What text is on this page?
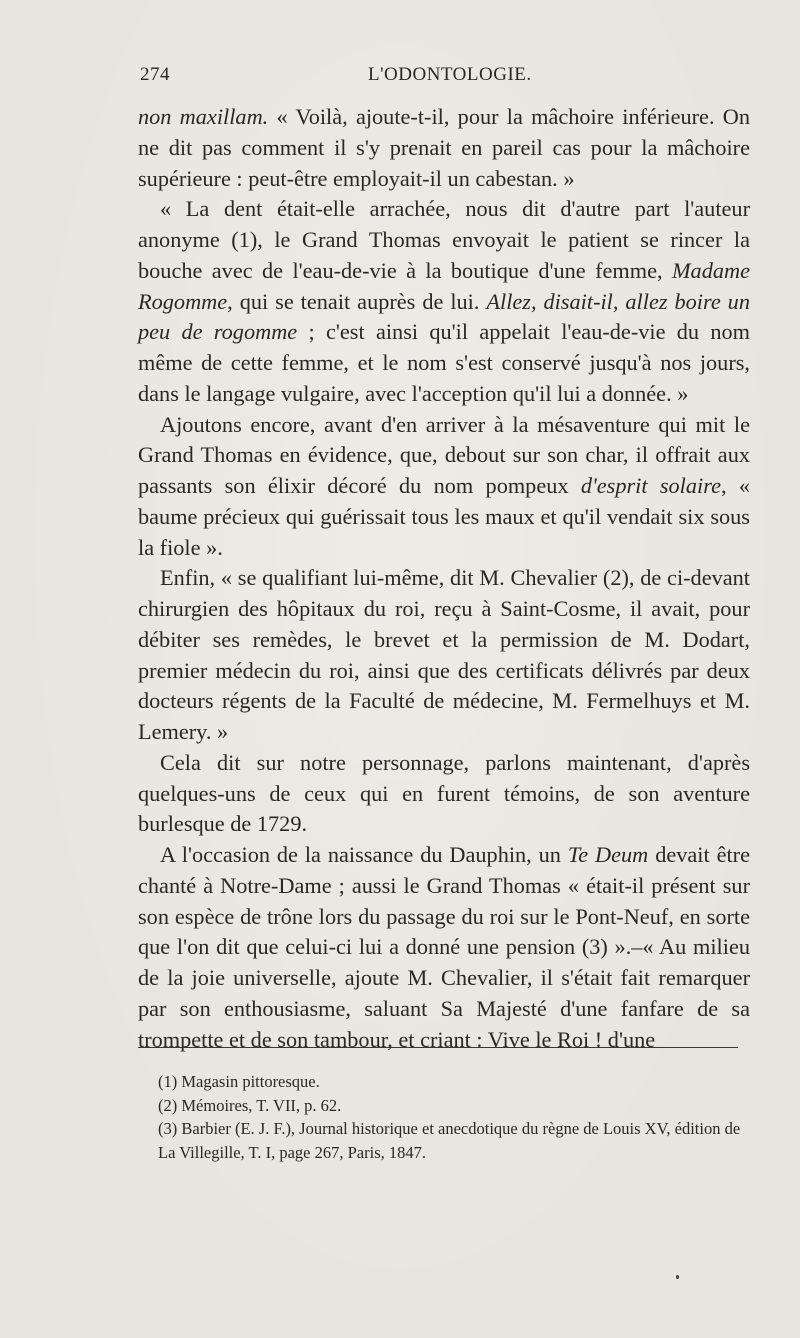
274	L'ODONTOLOGIE.

non maxillam. « Voilà, ajoute-t-il, pour la mâchoire inférieure. On ne dit pas comment il s'y prenait en pareil cas pour la mâchoire supérieure : peut-être employait-il un cabestan. »

« La dent était-elle arrachée, nous dit d'autre part l'auteur anonyme (1), le Grand Thomas envoyait le patient se rincer la bouche avec de l'eau-de-vie à la boutique d'une femme, Madame Rogomme, qui se tenait auprès de lui. Allez, disait-il, allez boire un peu de rogomme ; c'est ainsi qu'il appelait l'eau-de-vie du nom même de cette femme, et le nom s'est conservé jusqu'à nos jours, dans le langage vulgaire, avec l'acception qu'il lui a donnée. »

Ajoutons encore, avant d'en arriver à la mésaventure qui mit le Grand Thomas en évidence, que, debout sur son char, il offrait aux passants son élixir décoré du nom pompeux d'esprit solaire, « baume précieux qui guérissait tous les maux et qu'il vendait six sous la fiole ».

Enfin, « se qualifiant lui-même, dit M. Chevalier (2), de ci-devant chirurgien des hôpitaux du roi, reçu à Saint-Cosme, il avait, pour débiter ses remèdes, le brevet et la permission de M. Dodart, premier médecin du roi, ainsi que des certificats délivrés par deux docteurs régents de la Faculté de médecine, M. Fermelhuys et M. Lemery. »

Cela dit sur notre personnage, parlons maintenant, d'après quelques-uns de ceux qui en furent témoins, de son aventure burlesque de 1729.

A l'occasion de la naissance du Dauphin, un Te Deum devait être chanté à Notre-Dame ; aussi le Grand Thomas « était-il présent sur son espèce de trône lors du passage du roi sur le Pont-Neuf, en sorte que l'on dit que celui-ci lui a donné une pension (3) ».–« Au milieu de la joie universelle, ajoute M. Chevalier, il s'était fait remarquer par son enthousiasme, saluant Sa Majesté d'une fanfare de sa trompette et de son tambour, et criant : Vive le Roi ! d'une

(1) Magasin pittoresque.

(2) Mémoires, T. VII, p. 62.

(3) Barbier (E. J. F.), Journal historique et anecdotique du règne de Louis XV, édition de La Villegille, T. I, page 267, Paris, 1847.
